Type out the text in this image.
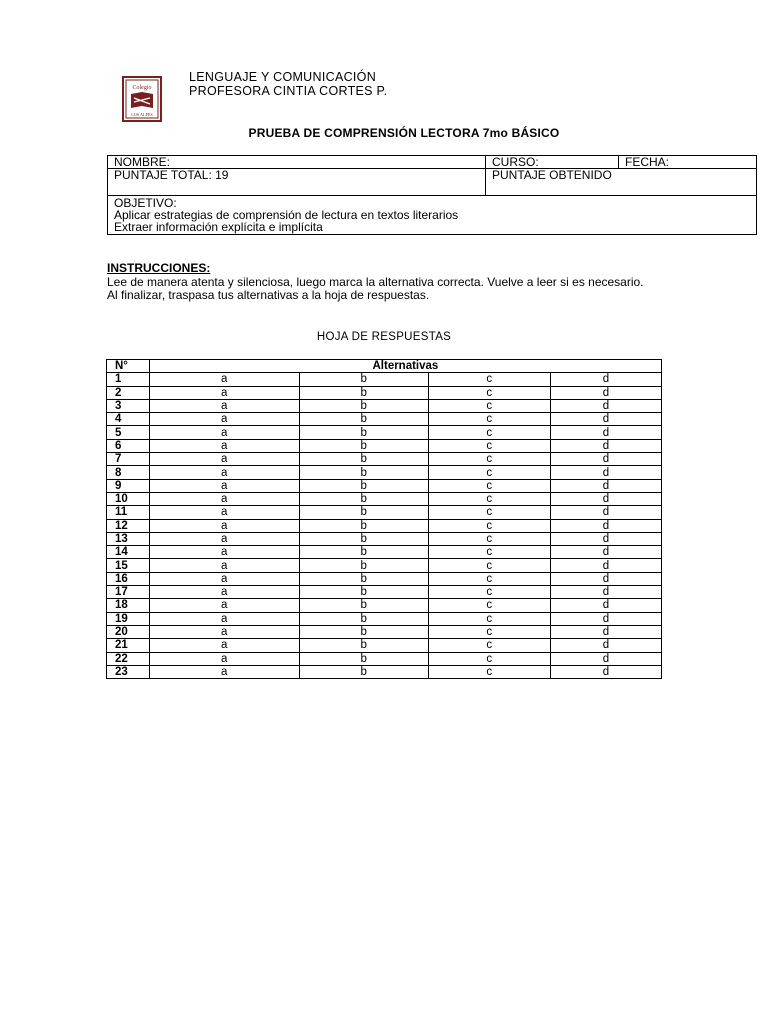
Colegio
LOS ALPES
LENGUAJE Y COMUNICACIÓN
PROFESORA CINTIA CORTES P.
PRUEBA DE COMPRENSIÓN LECTORA 7mo BÁSICO
NOMBRE:	CURSO:	FECHA:
PUNTAJE TOTAL: 19	PUNTAJE OBTENIDO	

OBJETIVO:
Aplicar estrategias de comprensión de lectura en textos literarios
Extraer información explícita e implícita		
INSTRUCCIONES:
Lee de manera atenta y silenciosa, luego marca la alternativa correcta. Vuelve a leer si es necesario.
Al finalizar, traspasa tus alternativas a la hoja de respuestas.
HOJA DE RESPUESTAS
N°	Alternativas			
1	a	b	c	d
2	a	b	c	d
3	a	b	c	d
4	a	b	c	d
5	a	b	c	d
6	a	b	c	d
7	a	b	c	d
8	a	b	c	d
9	a	b	c	d
10	a	b	c	d
11	a	b	c	d
12	a	b	c	d
13	a	b	c	d
14	a	b	c	d
15	a	b	c	d
16	a	b	c	d
17	a	b	c	d
18	a	b	c	d
19	a	b	c	d
20	a	b	c	d
21	a	b	c	d
22	a	b	c	d
23	a	b	c	d
